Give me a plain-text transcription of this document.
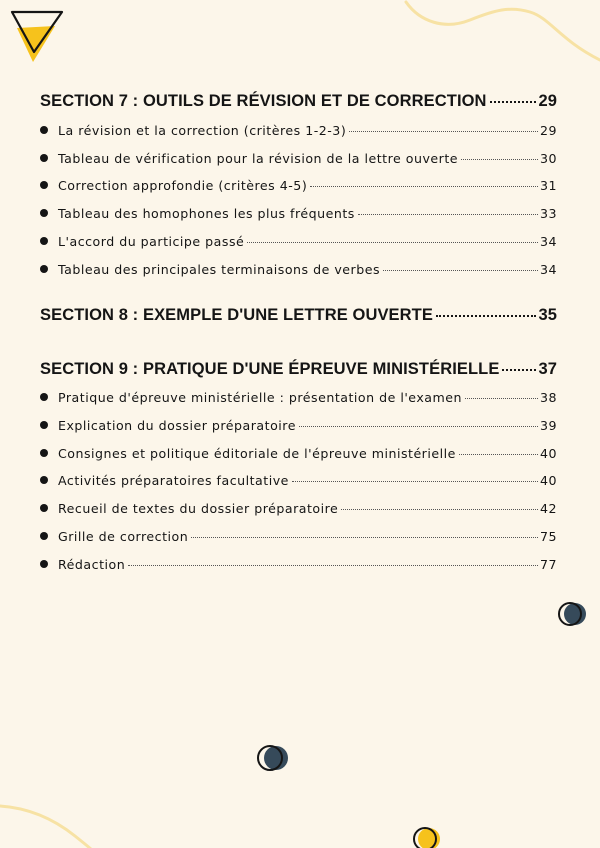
SECTION 7 : OUTILS DE RÉVISION ET DE CORRECTION	29
La révision et la correction (critères 1-2-3)	29
Tableau de vérification pour la révision de la lettre ouverte	30
Correction approfondie (critères 4-5)	31
Tableau des homophones les plus fréquents	33
L'accord du participe passé	34
Tableau des principales terminaisons de verbes	34
SECTION 8 : EXEMPLE D'UNE LETTRE OUVERTE	35
SECTION 9 : PRATIQUE D'UNE ÉPREUVE MINISTÉRIELLE 37
Pratique d'épreuve ministérielle : présentation de l'examen	38
Explication du dossier préparatoire	39
Consignes et politique éditoriale de l'épreuve ministérielle	40
Activités préparatoires facultative	40
Recueil de textes du dossier préparatoire	42
Grille de correction	75
Rédaction	77
